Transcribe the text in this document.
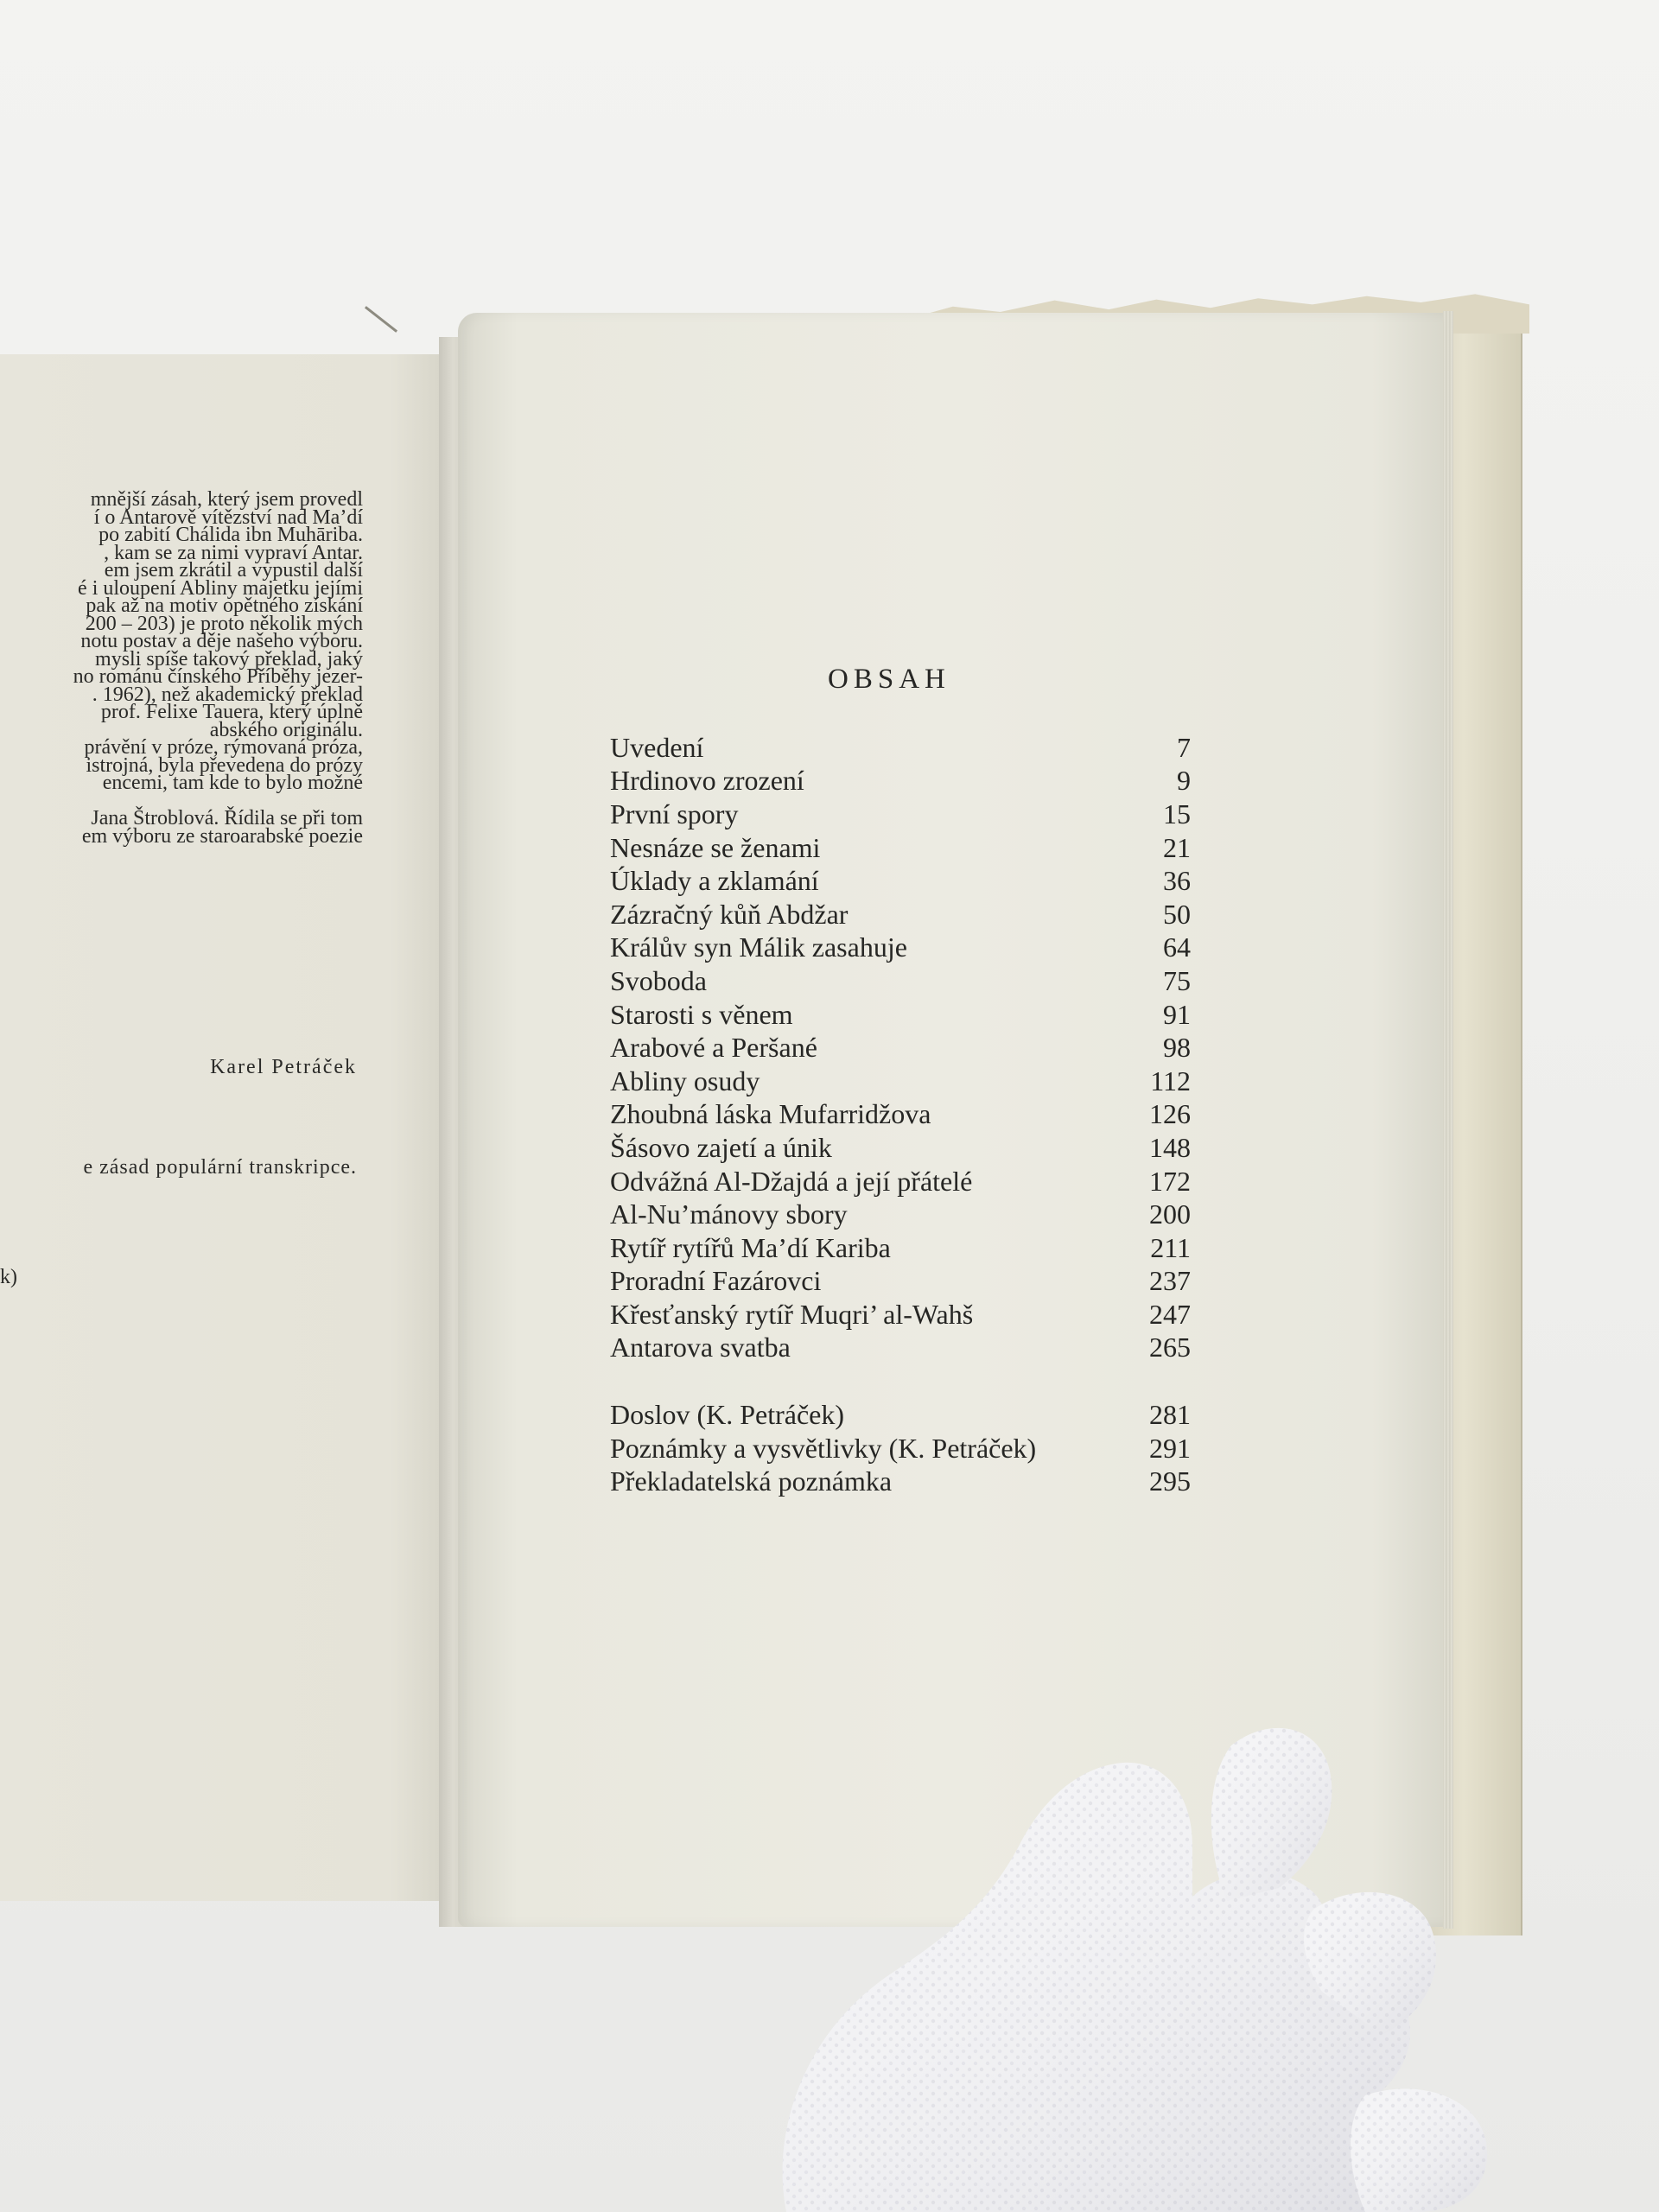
mnější zásah, který jsem provedl
í o Antarově vítězství nad Ma’dí
po zabití Chálida ibn Muhāriba.
, kam se za nimi vypraví Antar.
em jsem zkrátil a vypustil další
é i uloupení Abliny majetku jejími
pak až na motiv opětného získání
200 – 203) je proto několik mých
notu postav a děje našeho výboru.
mysli spíše takový překlad, jaký
no románu čínského Příběhy jezer-
. 1962), než akademický překlad
prof. Felixe Tauera, který úplně
abského originálu.
právění v próze, rýmovaná próza,
istrojná, byla převedena do prózy
encemi, tam kde to bylo možné
Jana Štroblová. Řídila se při tom
em výboru ze staroarabské poezie
Karel Petráček
e zásad populární transkripce.
k)
OBSAH
Uvedení	7
Hrdinovo zrození	9
První spory	15
Nesnáze se ženami	21
Úklady a zklamání	36
Zázračný kůň Abdžar	50
Králův syn Málik zasahuje	64
Svoboda	75
Starosti s věnem	91
Arabové a Peršané	98
Abliny osudy	112
Zhoubná láska Mufarridžova	126
Šásovo zajetí a únik	148
Odvážná Al-Džajdá a její přátelé	172
Al-Nu’mánovy sbory	200
Rytíř rytířů Ma’dí Kariba	211
Proradní Fazárovci	237
Křesťanský rytíř Muqri’ al-Wahš	247
Antarova svatba	265
Doslov (K. Petráček)	281
Poznámky a vysvětlivky (K. Petráček)	291
Překladatelská poznámka	295
